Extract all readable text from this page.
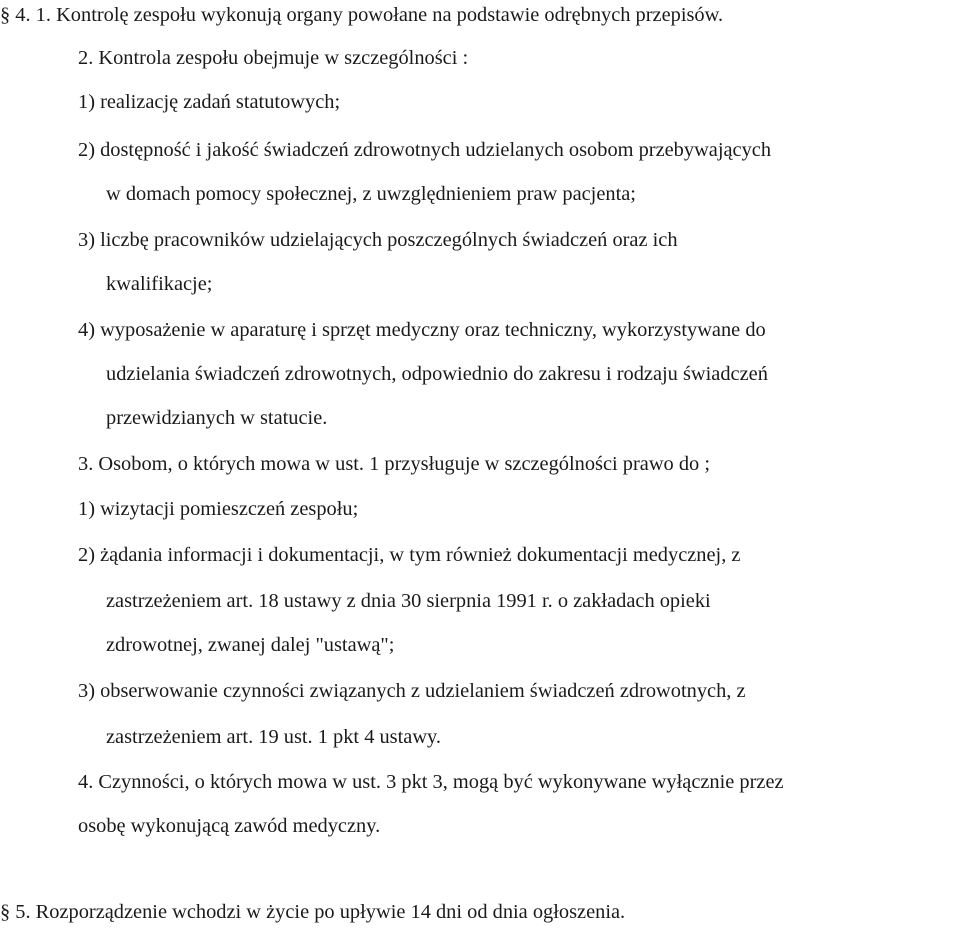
§ 4. 1. Kontrolę zespołu wykonują organy powołane na podstawie odrębnych przepisów.
2. Kontrola zespołu obejmuje w szczególności :
1) realizację zadań statutowych;
2) dostępność i jakość świadczeń zdrowotnych udzielanych osobom przebywających
w domach pomocy społecznej, z uwzględnieniem praw pacjenta;
3) liczbę pracowników udzielających poszczególnych świadczeń oraz ich
kwalifikacje;
4) wyposażenie w aparaturę i sprzęt medyczny oraz techniczny, wykorzystywane do
udzielania świadczeń zdrowotnych, odpowiednio do zakresu i rodzaju świadczeń
przewidzianych w statucie.
3. Osobom, o których mowa w ust. 1 przysługuje w szczególności prawo do ;
1) wizytacji pomieszczeń zespołu;
2) żądania informacji i dokumentacji, w tym również dokumentacji medycznej, z
zastrzeżeniem art. 18 ustawy z dnia 30 sierpnia 1991 r. o zakładach opieki
zdrowotnej, zwanej dalej "ustawą";
3) obserwowanie czynności związanych z udzielaniem świadczeń zdrowotnych, z
zastrzeżeniem art. 19 ust. 1 pkt 4 ustawy.
4. Czynności, o których mowa w ust. 3 pkt 3, mogą być wykonywane wyłącznie przez
osobę wykonującą zawód medyczny.
§ 5. Rozporządzenie wchodzi w życie po upływie 14 dni od dnia ogłoszenia.
